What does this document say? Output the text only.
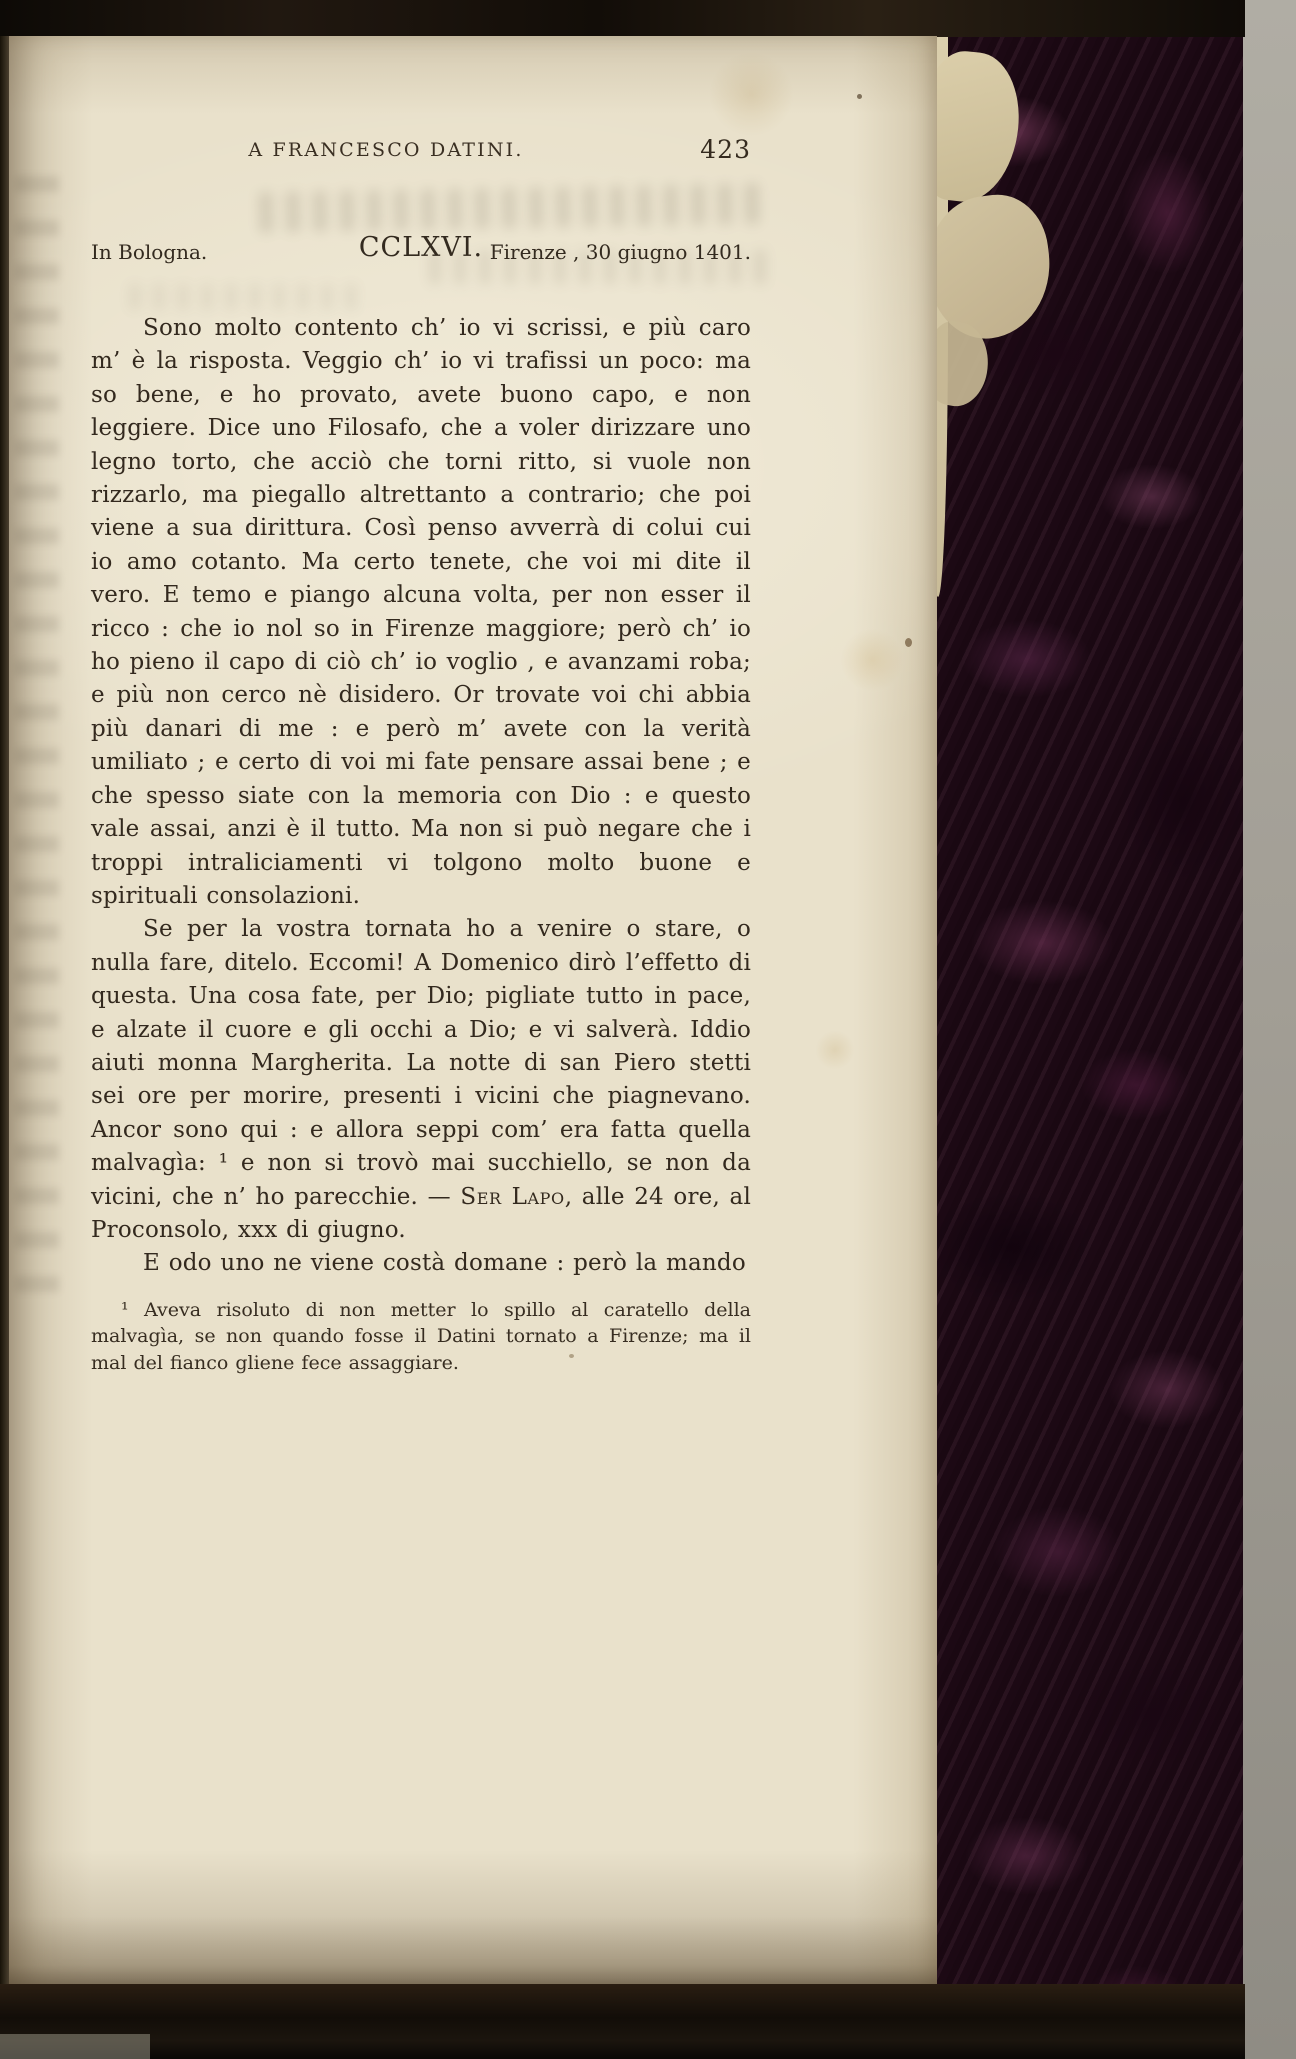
A FRANCESCO DATINI.	423
In Bologna.	CCLXVI. Firenze , 30 giugno 1401.

Sono molto contento ch’ io vi scrissi, e più caro m’ è la risposta. Veggio ch’ io vi trafissi un poco: ma so bene, e ho provato, avete buono capo, e non leggiere. Dice uno Filosafo, che a voler dirizzare uno legno torto, che acciò che torni ritto, si vuole non rizzarlo, ma piegallo altrettanto a contrario; che poi viene a sua dirittura. Così penso avverrà di colui cui io amo cotanto. Ma certo tenete, che voi mi dite il vero. E temo e piango alcuna volta, per non esser il ricco : che io nol so in Firenze maggiore; però ch’ io ho pieno il capo di ciò ch’ io voglio , e avanzami roba; e più non cerco nè disidero. Or trovate voi chi abbia più danari di me : e però m’ avete con la verità umiliato ; e certo di voi mi fate pensare assai bene ; e che spesso siate con la memoria con Dio : e questo vale assai, anzi è il tutto. Ma non si può negare che i troppi intraliciamenti vi tolgono molto buone e spirituali consolazioni.

Se per la vostra tornata ho a venire o stare, o nulla fare, ditelo. Eccomi! A Domenico dirò l’effetto di questa. Una cosa fate, per Dio; pigliate tutto in pace, e alzate il cuore e gli occhi a Dio; e vi salverà. Iddio aiuti monna Margherita. La notte di san Piero stetti sei ore per morire, presenti i vicini che piagnevano. Ancor sono qui : e allora seppi com’ era fatta quella malvagìa: ¹ e non si trovò mai succhiello, se non da vicini, che n’ ho parecchie. — Ser Lapo, alle 24 ore, al Proconsolo, xxx di giugno.

E odo uno ne viene costà domane : però la mando

¹ Aveva risoluto di non metter lo spillo al caratello della malvagìa, se non quando fosse il Datini tornato a Firenze; ma il mal del fianco gliene fece assaggiare.
